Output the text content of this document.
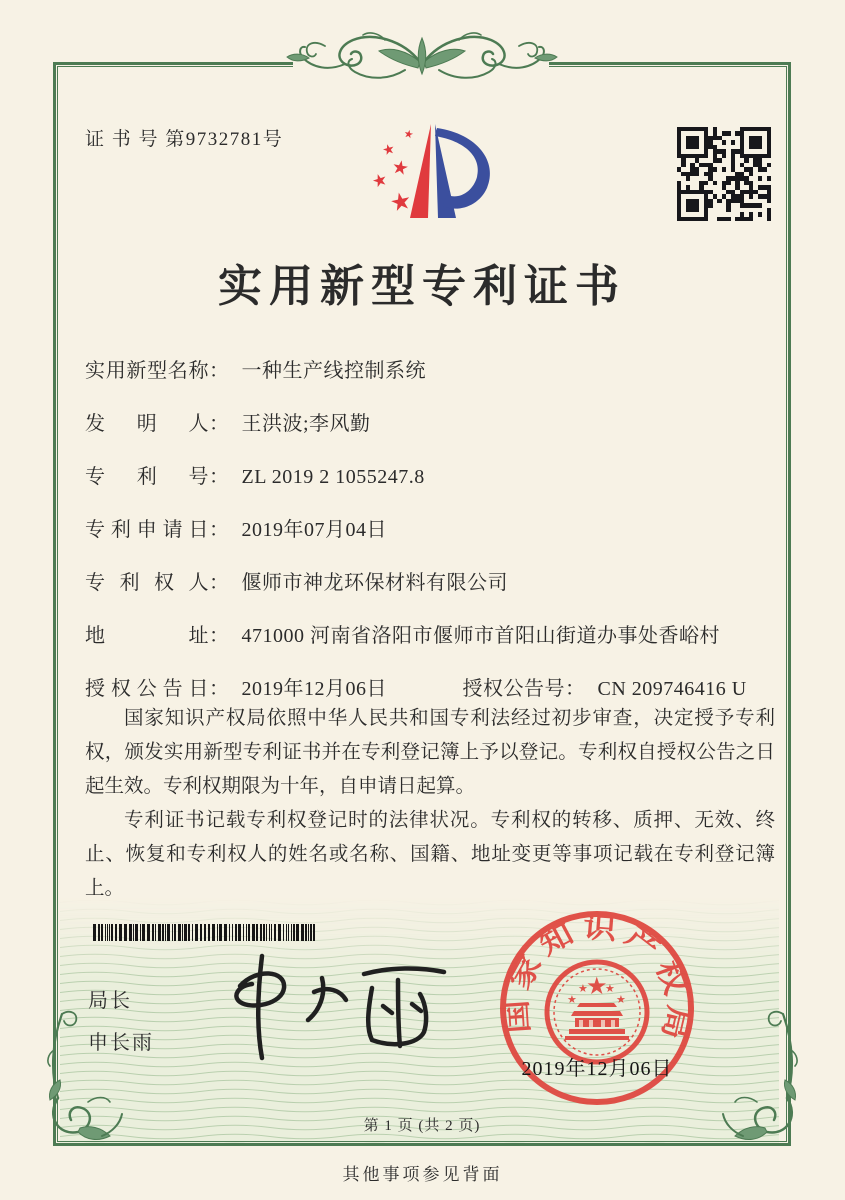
证 书 号 第9732781号
★
★
★
★
★
实用新型专利证书
实用新型名称： 一种生产线控制系统
发明人： 王洪波;李风勤
专利号： ZL 2019 2 1055247.8
专利申请日： 2019年07月04日
专利权人： 偃师市神龙环保材料有限公司
地址： 471000 河南省洛阳市偃师市首阳山街道办事处香峪村
授权公告日： 2019年12月06日	授权公告号： CN 209746416 U

国家知识产权局依照中华人民共和国专利法经过初步审查，决定授予专利权，颁发实用新型专利证书并在专利登记簿上予以登记。专利权自授权公告之日起生效。专利权期限为十年，自申请日起算。

专利证书记载专利权登记时的法律状况。专利权的转移、质押、无效、终止、恢复和专利权人的姓名或名称、国籍、地址变更等事项记载在专利登记簿上。

局长
申长雨
国家知识产权局
★
★
★ ★
★
2019年12月06日
第 1 页 (共 2 页)
其他事项参见背面
